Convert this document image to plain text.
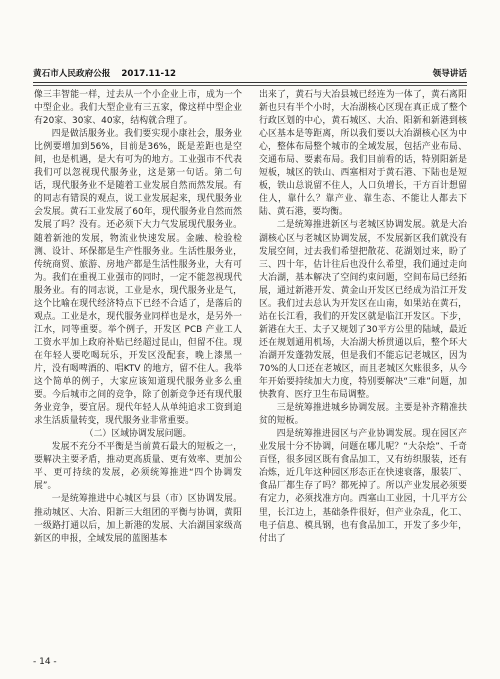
黄石市人民政府公报 2017.11-12	领导讲话

像三丰智能一样，过去从一个小企业上市，成为一个中型企业。我们大型企业有三五家，像这样中型企业有20家、30家、40家，结构就合理了。

四是做活服务业。我们要实现小康社会，服务业比例要增加到56%，目前是36%，既是差距也是空间，也是机遇，是大有可为的地方。工业强市不代表我们可以忽视现代服务业，这是第一句话。第二句话，现代服务业不是随着工业发展自然而然发展。有的同志有错误的观点，说工业发展起来，现代服务业会发展。黄石工业发展了60年，现代服务业自然而然发展了吗？没有。还必须下大力气发展现代服务业。随着新池的发展，物流业快速发展。金融、检验检测、设计、环保都是生产性服务业。生活性服务业，传统商贸、旅游、房地产都是生活性服务业，大有可为。我们在重视工业强市的同时，一定不能忽视现代服务业。有的同志说，工业是水，现代服务业是气，这个比喻在现代经济特点下已经不合适了，是落后的观点。工业是水，现代服务业同样也是水，是另外一江水，同等重要。举个例子，开发区 PCB 产业工人工资水平加上政府补贴已经超过昆山，但留不住。现在年轻人要吃喝玩乐，开发区没配套，晚上漆黑一片，没有喝啤酒的、唱KTV 的地方，留不住人。我举这个简单的例子，大家应该知道现代服务业多么重要。今后城市之间的竞争，除了创新竞争还有现代服务业竞争，要宜居。现代年轻人从单纯追求工资到追求生活质量转变，现代服务业非常重要。

（二）区域协调发展问题。

发展不充分不平衡是当前黄石最大的短板之一，要解决主要矛盾，推动更高质量、更有效率、更加公平、更可持续的发展，必须统筹推进“四个协调发展”。

一是统筹推进中心城区与县（市）区协调发展。推动城区、大冶、阳新三大组团的平衡与协调，黄阳一级路打通以后，加上新港的发展、大冶湖国家级高新区的申报，全域发展的蓝图基本

出来了，黄石与大冶县城已经连为一体了，黄石离阳新也只有半个小时，大冶湖核心区现在真正成了整个行政区划的中心，黄石城区、大冶、阳新和新港到核心区基本是等距离，所以我们要以大冶湖核心区为中心，整体布局整个城市的全域发展，包括产业布局、交通布局、要素布局。我们目前看的话，特别阳新是短板，城区的铁山、西塞相对于黄石港、下陆也是短板，铁山总说留不住人，人口负增长，干方百计想留住人，靠什么？靠产业、靠生态、不能让人都去下陆、黄石港，要均衡。

二是统筹推进新区与老城区协调发展。就是大冶湖核心区与老城区协调发展，不发展新区我们就没有发展空间，过去我们希望把散花、花湖划过来，盼了三、四十年，估计往后也没什么希望，我们通过走向大冶湖，基本解决了空间约束问题，空间布局已经拓展，通过新港开发、黄金山开发区已经成为沿江开发区。我们过去总认为开发区在山南，如果站在黄石，站在长江看，我们的开发区就是临江开发区。下步，新港在大王、太子又规划了30平方公里的陆域，最近还在规划通用机场，大冶湖大桥贯通以后，整个环大冶湖开发蓬勃发展，但是我们不能忘记老城区，因为70%的人口还在老城区，而且老城区欠账很多，从今年开始要持续加大力度，特别要解决“三难”问题，加快教育、医疗卫生布局调整。

三是统筹推进城乡协调发展。主要是补齐精准扶贫的短板。

四是统筹推进园区与产业协调发展。现在园区产业发展十分不协调，问题在哪儿呢？“大杂烩”、千奇百怪，很多园区既有食品加工，又有纺织服装，还有冶炼，近几年这种园区形态正在快速衰落，服装厂、食品厂都生存了吗？都死掉了。所以产业发展必须要有定力，必须找准方向。西塞山工业园，十几平方公里，长江边上，基础条件很好，但产业杂乱，化工、电子信息、模具钢，也有食品加工，开发了多少年，付出了

- 14 -
